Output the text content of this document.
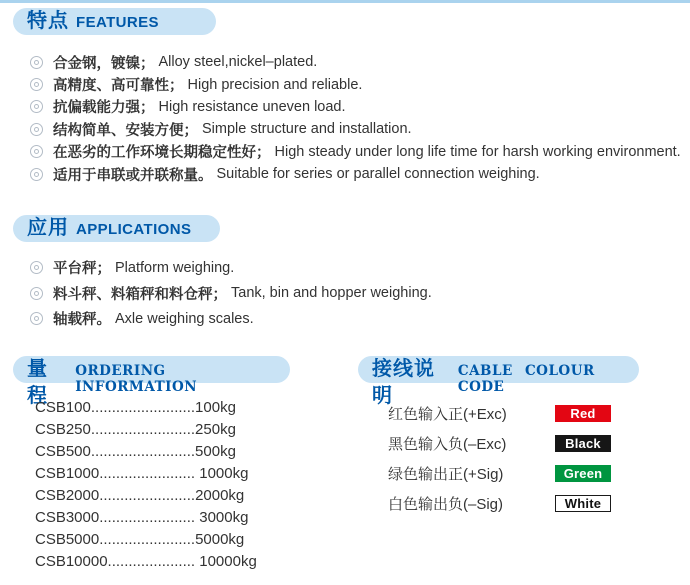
特点 FEATURES
合金钢，镀镍； Alloy steel,nickel–plated.
高精度、高可靠性； High precision and reliable.
抗偏载能力强； High resistance uneven load.
结构简单、安装方便； Simple structure and installation.
在恶劣的工作环境长期稳定性好； High steady under long life time for harsh working environment.
适用于串联或并联称量。 Suitable for series or parallel connection weighing.
应用 APPLICATIONS
平台秤； Platform weighing.
料斗秤、料箱秤和料仓秤； Tank, bin and hopper weighing.
轴载秤。 Axle weighing scales.
量程
ORDERING INFORMATION
CSB100.........................100kg
CSB250.........................250kg
CSB500.........................500kg
CSB1000....................... 1000kg
CSB2000.......................2000kg
CSB3000....................... 3000kg
CSB5000.......................5000kg
CSB10000..................... 10000kg
接线说明
CABLE COLOUR CODE
红色输入正(+Exc)	Red
黑色输入负(–Exc)	Black
绿色输出正(+Sig)	Green
白色输出负(–Sig)	White
